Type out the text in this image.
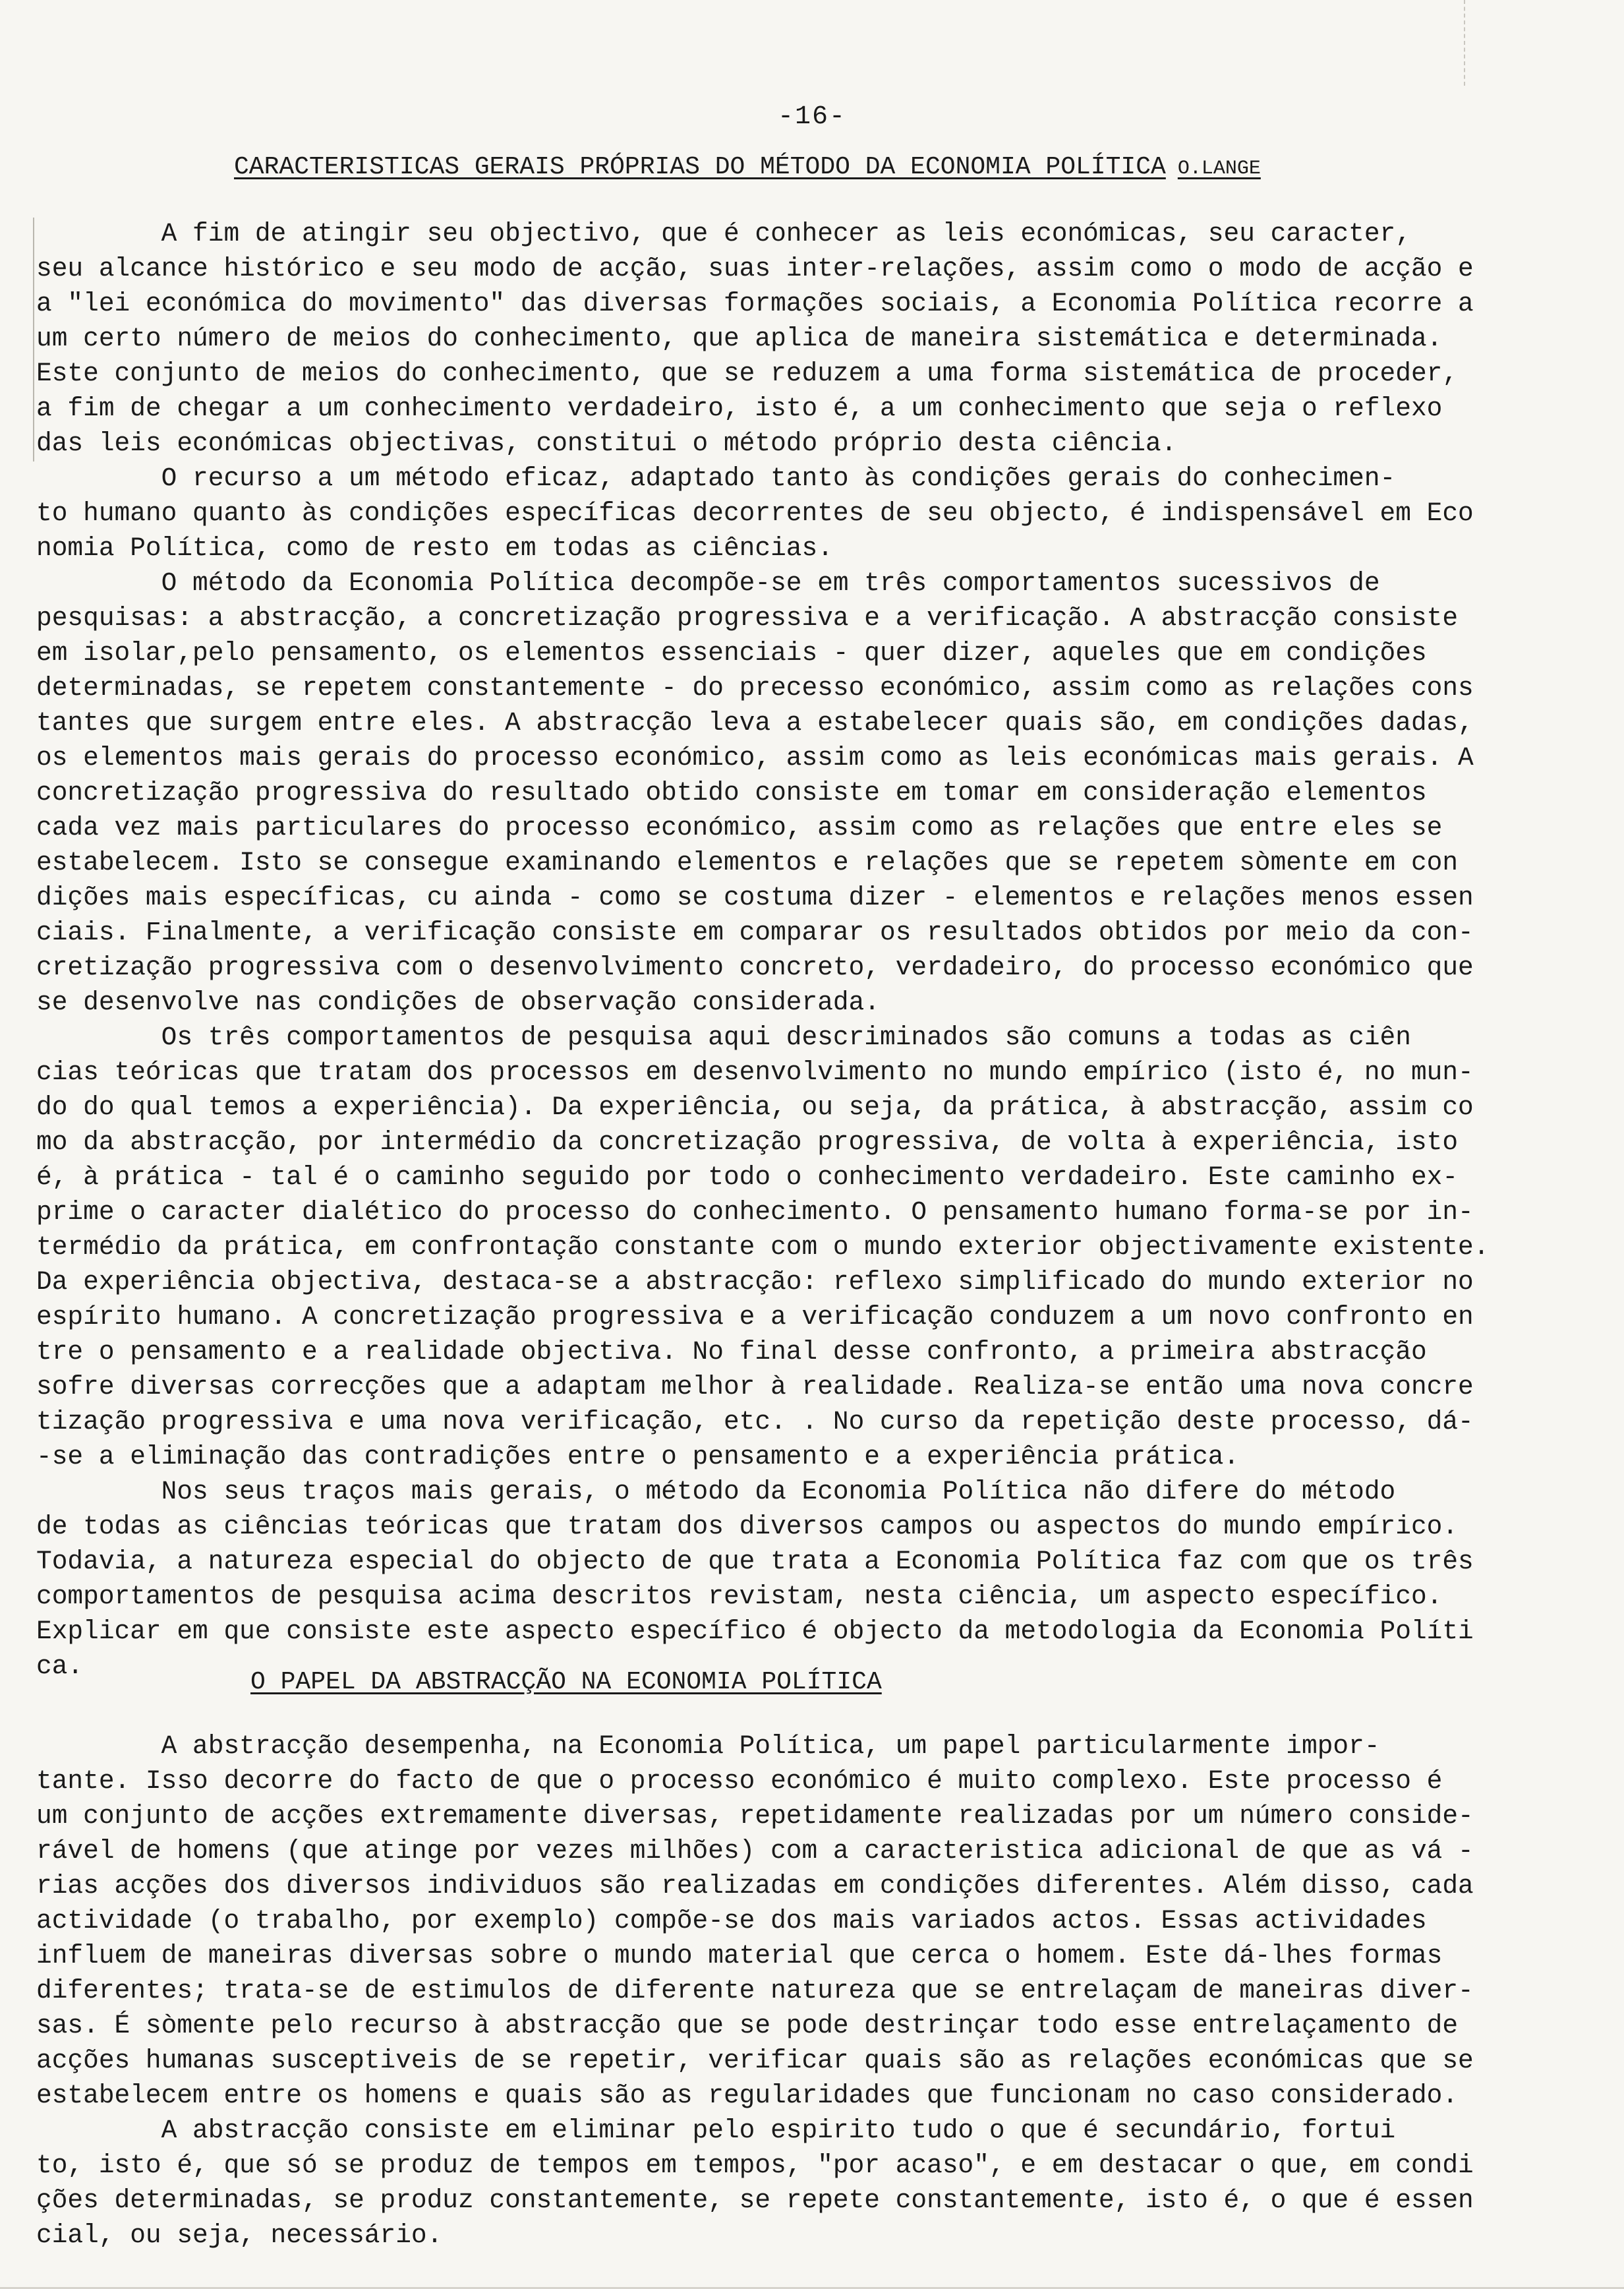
-16-
CARACTERISTICAS GERAIS PRÓPRIAS DO MÉTODO DA ECONOMIA POLÍTICA O.LANGE
A fim de atingir seu objectivo, que é conhecer as leis económicas, seu caracter,
seu alcance histórico e seu modo de acção, suas inter-relações, assim como o modo de acção e
a "lei económica do movimento" das diversas formações sociais, a Economia Política recorre a
um certo número de meios do conhecimento, que aplica de maneira sistemática e determinada.
Este conjunto de meios do conhecimento, que se reduzem a uma forma sistemática de proceder,
a fim de chegar a um conhecimento verdadeiro, isto é, a um conhecimento que seja o reflexo
das leis económicas objectivas, constitui o método próprio desta ciência.
O recurso a um método eficaz, adaptado tanto às condições gerais do conhecimen-
to humano quanto às condições específicas decorrentes de seu objecto, é indispensável em Eco
nomia Política, como de resto em todas as ciências.
O método da Economia Política decompõe-se em três comportamentos sucessivos de
pesquisas: a abstracção, a concretização progressiva e a verificação. A abstracção consiste
em isolar,pelo pensamento, os elementos essenciais - quer dizer, aqueles que em condições
determinadas, se repetem constantemente - do precesso económico, assim como as relações cons
tantes que surgem entre eles. A abstracção leva a estabelecer quais são, em condições dadas,
os elementos mais gerais do processo económico, assim como as leis económicas mais gerais. A
concretização progressiva do resultado obtido consiste em tomar em consideração elementos
cada vez mais particulares do processo económico, assim como as relações que entre eles se
estabelecem. Isto se consegue examinando elementos e relações que se repetem sòmente em con
dições mais específicas, cu ainda - como se costuma dizer - elementos e relações menos essen
ciais. Finalmente, a verificação consiste em comparar os resultados obtidos por meio da con-
cretização progressiva com o desenvolvimento concreto, verdadeiro, do processo económico que
se desenvolve nas condições de observação considerada.
Os três comportamentos de pesquisa aqui descriminados são comuns a todas as ciên
cias teóricas que tratam dos processos em desenvolvimento no mundo empírico (isto é, no mun-
do do qual temos a experiência). Da experiência, ou seja, da prática, à abstracção, assim co
mo da abstracção, por intermédio da concretização progressiva, de volta à experiência, isto
é, à prática - tal é o caminho seguido por todo o conhecimento verdadeiro. Este caminho ex-
prime o caracter dialético do processo do conhecimento. O pensamento humano forma-se por in-
termédio da prática, em confrontação constante com o mundo exterior objectivamente existente.
Da experiência objectiva, destaca-se a abstracção: reflexo simplificado do mundo exterior no
espírito humano. A concretização progressiva e a verificação conduzem a um novo confronto en
tre o pensamento e a realidade objectiva. No final desse confronto, a primeira abstracção
sofre diversas correcções que a adaptam melhor à realidade. Realiza-se então uma nova concre
tização progressiva e uma nova verificação, etc. . No curso da repetição deste processo, dá-
-se a eliminação das contradições entre o pensamento e a experiência prática.
Nos seus traços mais gerais, o método da Economia Política não difere do método
de todas as ciências teóricas que tratam dos diversos campos ou aspectos do mundo empírico.
Todavia, a natureza especial do objecto de que trata a Economia Política faz com que os três
comportamentos de pesquisa acima descritos revistam, nesta ciência, um aspecto específico.
Explicar em que consiste este aspecto específico é objecto da metodologia da Economia Políti
ca.
O PAPEL DA ABSTRACÇÃO NA ECONOMIA POLÍTICA
A abstracção desempenha, na Economia Política, um papel particularmente impor-
tante. Isso decorre do facto de que o processo económico é muito complexo. Este processo é
um conjunto de acções extremamente diversas, repetidamente realizadas por um número conside-
rável de homens (que atinge por vezes milhões) com a caracteristica adicional de que as vá -
rias acções dos diversos individuos são realizadas em condições diferentes. Além disso, cada
actividade (o trabalho, por exemplo) compõe-se dos mais variados actos. Essas actividades
influem de maneiras diversas sobre o mundo material que cerca o homem. Este dá-lhes formas
diferentes; trata-se de estimulos de diferente natureza que se entrelaçam de maneiras diver-
sas. É sòmente pelo recurso à abstracção que se pode destrinçar todo esse entrelaçamento de
acções humanas susceptiveis de se repetir, verificar quais são as relações económicas que se
estabelecem entre os homens e quais são as regularidades que funcionam no caso considerado.
A abstracção consiste em eliminar pelo espirito tudo o que é secundário, fortui
to, isto é, que só se produz de tempos em tempos, "por acaso", e em destacar o que, em condi
ções determinadas, se produz constantemente, se repete constantemente, isto é, o que é essen
cial, ou seja, necessário.
